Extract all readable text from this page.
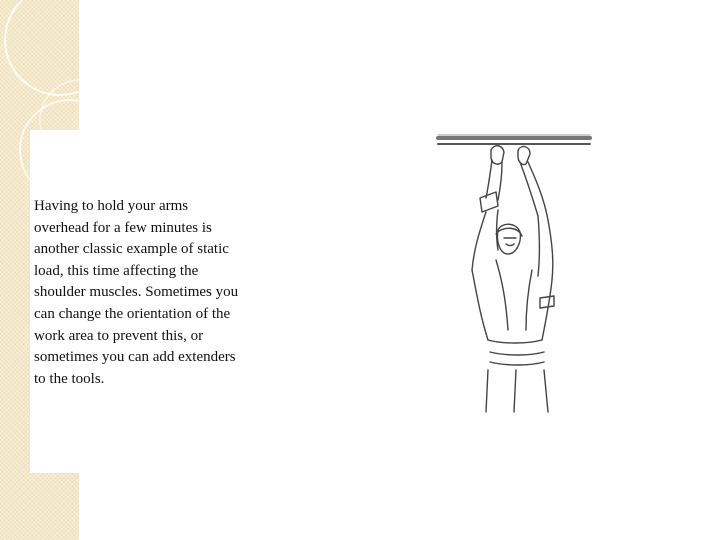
Having to hold your arms overhead for a few minutes is another classic example of static load, this time affecting the shoulder muscles. Sometimes you can change the orientation of the work area to prevent this, or sometimes you can add extenders to the tools.
